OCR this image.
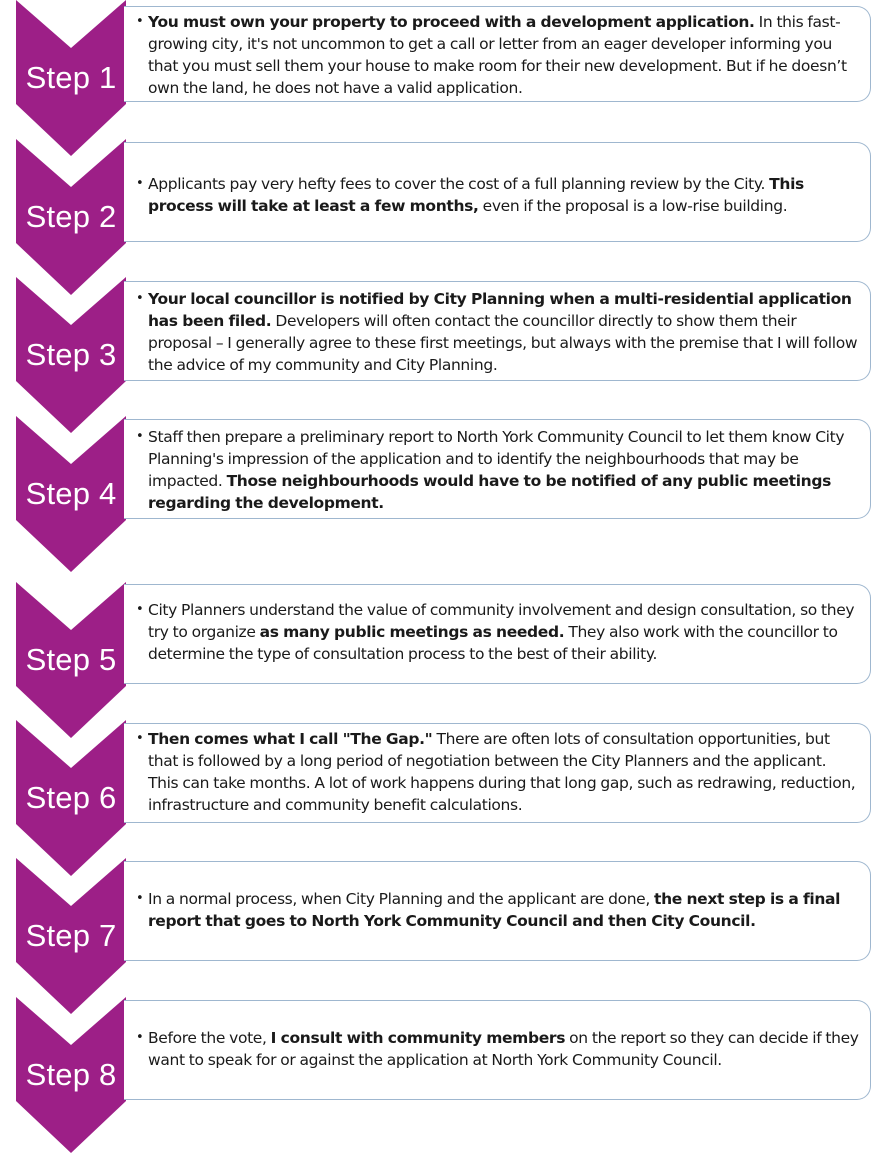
Step 1
• You must own your property to proceed with a development application. In this fast-growing city, it's not uncommon to get a call or letter from an eager developer informing you that you must sell them your house to make room for their new development. But if he doesn’t own the land, he does not have a valid application.
Step 2
• Applicants pay very hefty fees to cover the cost of a full planning review by the City. This process will take at least a few months, even if the proposal is a low-rise building.
Step 3
• Your local councillor is notified by City Planning when a multi-residential application has been filed. Developers will often contact the councillor directly to show them their proposal – I generally agree to these first meetings, but always with the premise that I will follow the advice of my community and City Planning.
Step 4
• Staff then prepare a preliminary report to North York Community Council to let them know City Planning's impression of the application and to identify the neighbourhoods that may be impacted. Those neighbourhoods would have to be notified of any public meetings regarding the development.
Step 5
• City Planners understand the value of community involvement and design consultation, so they try to organize as many public meetings as needed. They also work with the councillor to determine the type of consultation process to the best of their ability.
Step 6
• Then comes what I call "The Gap." There are often lots of consultation opportunities, but that is followed by a long period of negotiation between the City Planners and the applicant. This can take months. A lot of work happens during that long gap, such as redrawing, reduction, infrastructure and community benefit calculations.
Step 7
• In a normal process, when City Planning and the applicant are done, the next step is a final report that goes to North York Community Council and then City Council.
Step 8
• Before the vote, I consult with community members on the report so they can decide if they want to speak for or against the application at North York Community Council.
